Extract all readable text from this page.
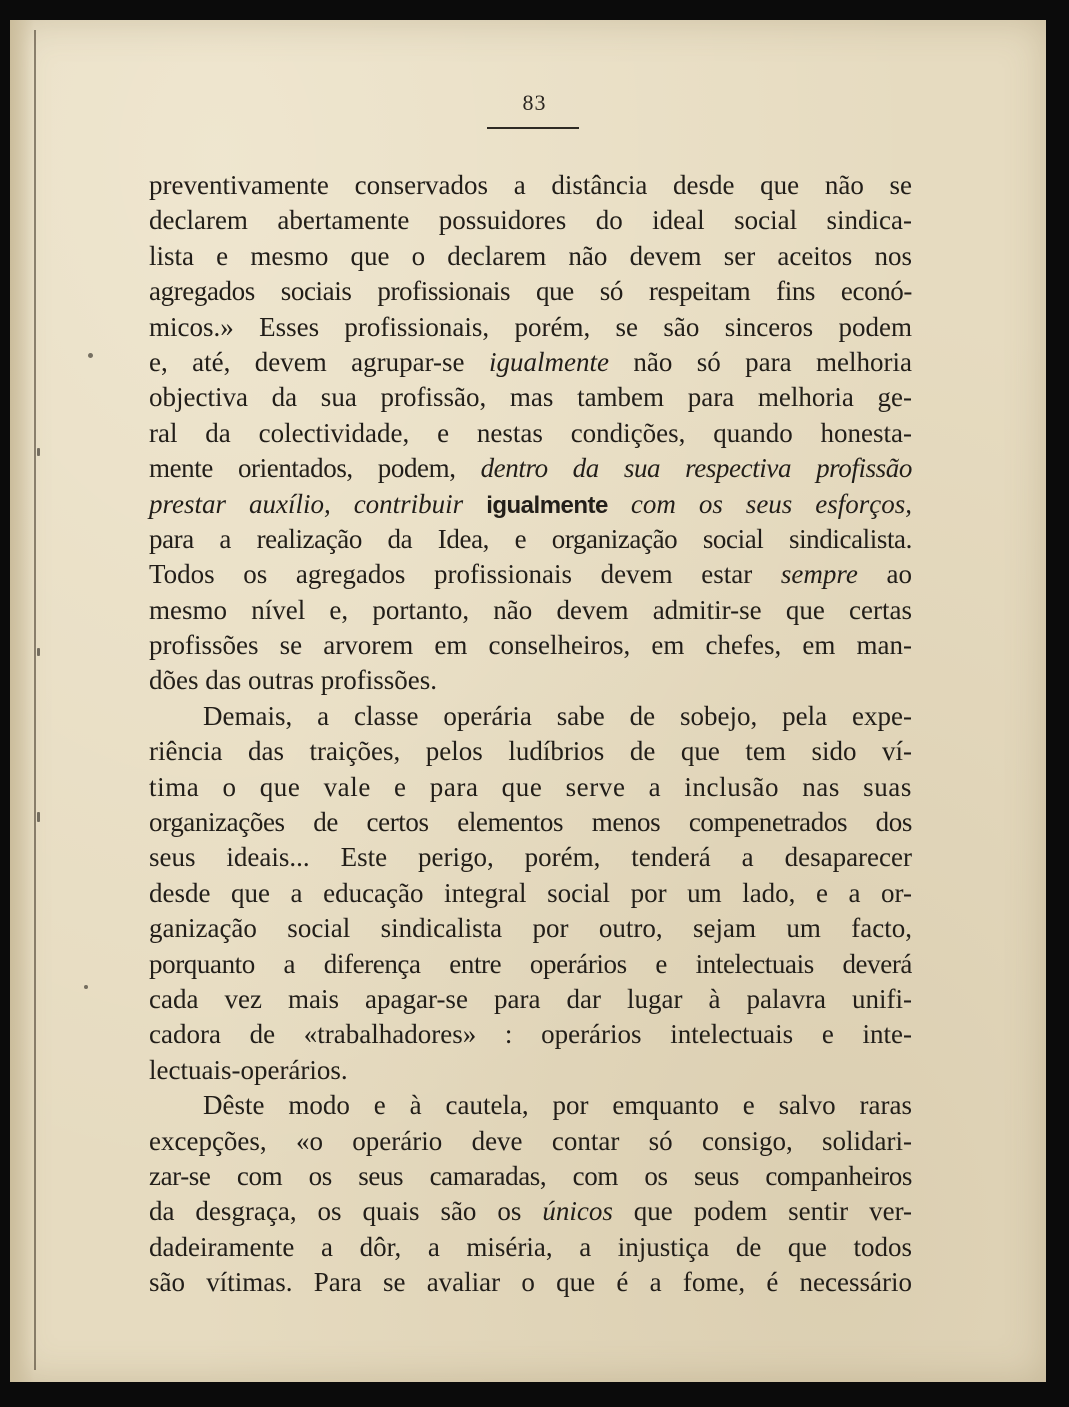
83
preventivamente conservados a distância desde que não se
declarem abertamente possuidores do ideal social sindica-
lista e mesmo que o declarem não devem ser aceitos nos
agregados sociais profissionais que só respeitam fins econó-
micos.» Esses profissionais, porém, se são sinceros podem
e, até, devem agrupar-se igualmente não só para melhoria
objectiva da sua profissão, mas tambem para melhoria ge-
ral da colectividade, e nestas condições, quando honesta-
mente orientados, podem, dentro da sua respectiva profissão
prestar auxílio, contribuir igualmente com os seus esforços,
para a realização da Idea, e organização social sindicalista.
Todos os agregados profissionais devem estar sempre ao
mesmo nível e, portanto, não devem admitir-se que certas
profissões se arvorem em conselheiros, em chefes, em man-
dões das outras profissões.
Demais, a classe operária sabe de sobejo, pela expe-
riência das traições, pelos ludíbrios de que tem sido ví-
tima o que vale e para que serve a inclusão nas suas
organizações de certos elementos menos compenetrados dos
seus ideais... Este perigo, porém, tenderá a desaparecer
desde que a educação integral social por um lado, e a or-
ganização social sindicalista por outro, sejam um facto,
porquanto a diferença entre operários e intelectuais deverá
cada vez mais apagar-se para dar lugar à palavra unifi-
cadora de «trabalhadores» : operários intelectuais e inte-
lectuais-operários.
Dêste modo e à cautela, por emquanto e salvo raras
excepções, «o operário deve contar só consigo, solidari-
zar-se com os seus camaradas, com os seus companheiros
da desgraça, os quais são os únicos que podem sentir ver-
dadeiramente a dôr, a miséria, a injustiça de que todos
são vítimas. Para se avaliar o que é a fome, é necessário
